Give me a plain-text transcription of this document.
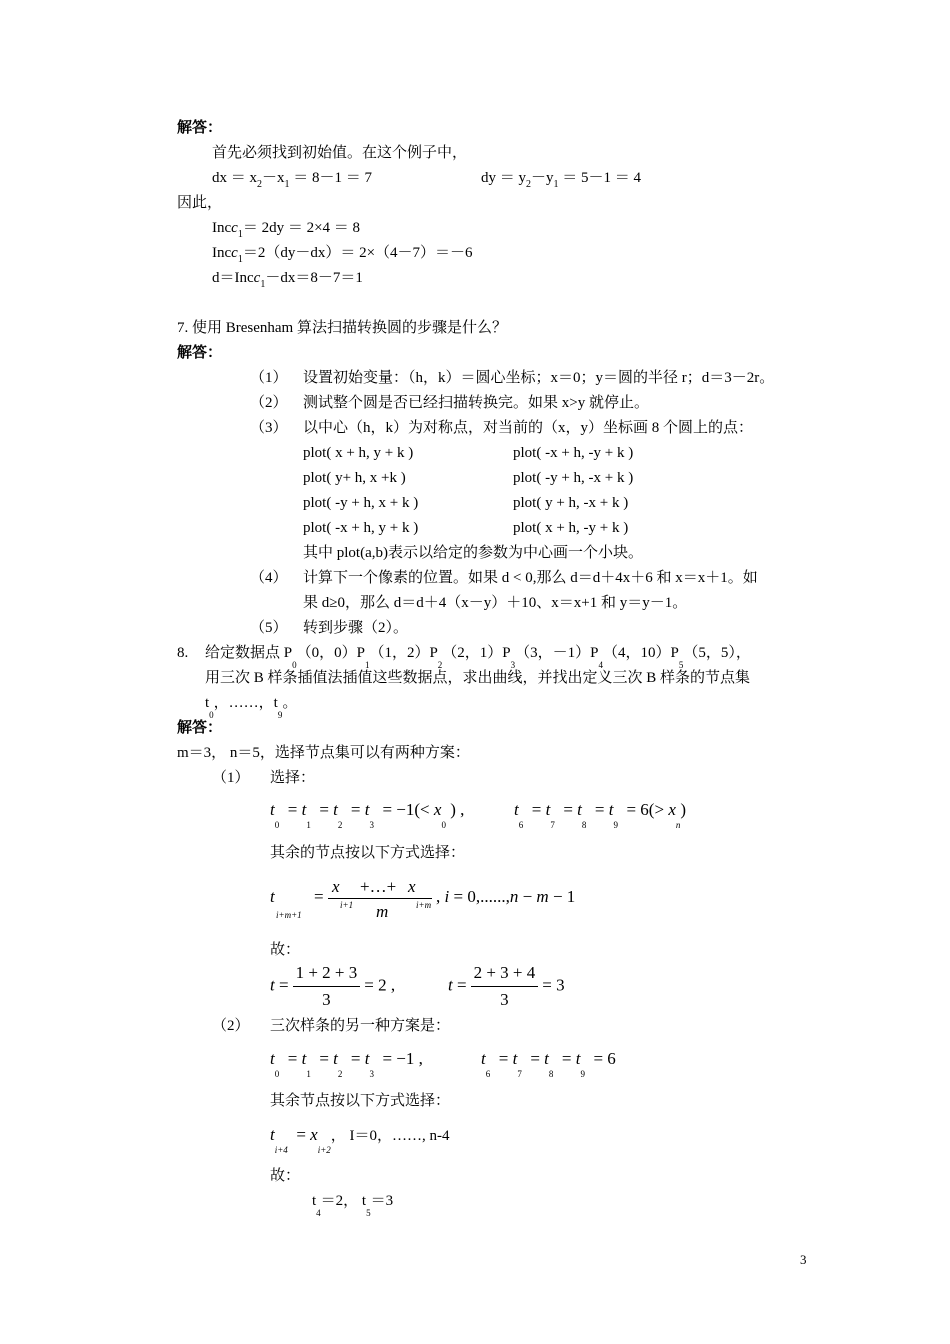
解答：
首先必须找到初始值。在这个例子中，
dx ＝ $x_2-x_1 = 8-1 = 7$	dy ＝ $y_2-y_1 = 5-1 = 4$
因此，
Incc$_1$＝ 2dy ＝ 2×4 ＝ 8
Incc$_1$＝2（dy－dx）＝ 2×（4－7）＝－6
d＝Incc$_1$－dx＝8－7＝1
7. 使用 Bresenham 算法扫描转换圆的步骤是什么？
解答：
（1） 设置初始变量：（h，k）＝圆心坐标；x＝0；y＝圆的半径 r；d＝3－2r。
（2） 测试整个圆是否已经扫描转换完。如果 x>y 就停止。
（3） 以中心（h，k）为对称点，对当前的（x，y）坐标画 8 个圆上的点：
plot( x + h, y + k )	plot( -x + h, -y + k )
plot( y+ h, x +k )	plot( -y + h, -x + k )
plot( -y + h, x + k )	plot( y + h, -x + k )
plot( -x + h, y + k )	plot( x + h, -y + k )
其中 plot(a,b)表示以给定的参数为中心画一个小块。
（4） 计算下一个像素的位置。如果 d < 0,那么 d＝d＋4x＋6 和 x＝x＋1。如
果 d≥0，那么 d＝d＋4（x－y）＋10、x＝x+1 和 y＝y－1。
（5） 转到步骤（2）。
8. 给定数据点 $P_0(0$，$0)P_1(1$，$2)P_2(2$，$1)P_3(3$，$-1)P_4(4$，$10)P_5(5$，5），
用三次 B 样条插值法插值这些数据点，求出曲线，并找出定义三次 B 样条的节点集
$t_0$，……，$t_9$。
解答：
m＝3， n＝5，选择节点集可以有两种方案：
（1） 选择：
$t_0 = t_1 = t_2 = t_3 = -1(< x_0$ ) ,	$t_6 = t_7 = t_8 = t_9 = 6(> x_n)$
其余的节点按以下方式选择：
t
i+m+1
=
x
i+1
+…+ x
i+m
m
, i = 0,......,n − m − 1
故：
$t = \frac{1 + 2 + 3}{3} = 2$ ,	$t = \frac{2 + 3 + 4}{3} = 3$
（2） 三次样条的另一种方案是：
$t_0 = t_1 = t_2 = t_3 = -1$ ,	$t_6 = t_7 = t_8 = t_9 = 6$
其余节点按以下方式选择：
$t_{i+4} = x_{i+2}$， I＝0，……, n-4
故：
$t_4=2$， $t_5=3$
3
